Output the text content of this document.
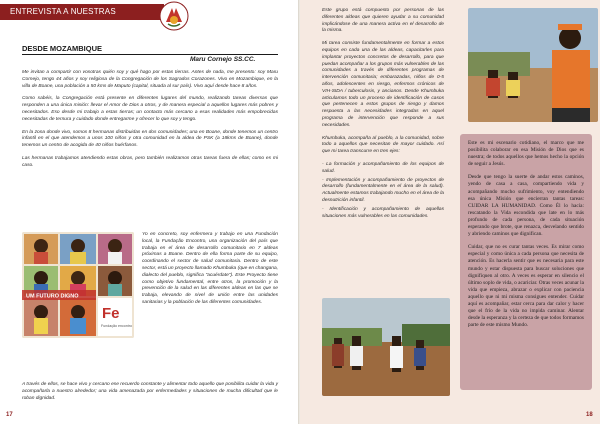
ENTREVISTA A NUESTRAS HERMANAS
DESDE MOZAMBIQUE
Maru Cornejo SS.CC.

Me invitan a compartir con vosotras quién soy y qué hago por estas tierras. Antes de nada, me presento: soy Maru Cornejo, tengo 44 años y soy religiosa de la Congregación de los Sagrados Corazones. Vivo en Mozambique, en la villa de Boane, una población a 50 kms de Maputo (capital, situada al sur país). Vivo aquí desde hace 8 años.

Como sabéis, la Congregación está presente en diferentes lugares del mundo, realizando tareas diversas que responden a una única misión: llevar el Amor de Dios a otros, y de manera especial a aquellos lugares más pobres y necesitados. Eso desde mi trabajo a estas tierras; un contacto más cercano a esas realidades más empobrecidas necesitadas de ternura y cuidado donde entregarme y ofrecer lo que soy y tengo.

En la zona donde vivo, somos 8 hermanas distribuidas en dos comunidades; una en Boane, donde tenemos un centro infantil en el que atendemos a unos 100 niños y otra comunidad en la aldea de PSK (a 18kms de Boane), donde tenemos un centro de acogida de 40 niños huérfanos.

Las hermanas trabajamos atendiendo estas obras, pero también realizamos otras tareas fuera de ellas; como es mi caso.

UM FUTURO DIGNO
Fe
Fundação encontro
Yo en concreto, soy enfermera y trabajo en una Fundación local, la Fundação Encontro, una organización del país que trabaja en el área de desarrollo comunitario en 7 aldeas próximas a Boane. Dentro de ella forma parte de su equipo, coordinando el sector de salud comunitaria. Dentro de este sector, está un proyecto llamado Khumbuka (que en changana, dialecto del pueblo, significa "acuérdate"). Este Proyecto tiene como objetivo fundamental, entre otros, la promoción y la prevención de la salud en las diferentes aldeas en las que se trabaja, elevando de nivel de unión entre las unidades sanitarias y la población de las diferentes comunidades.
A través de ellos, se hace vivo y cercano ese recuerdo constante y alimentar todo aquello que posibilita cuidar la vida y acompañarla a nuestro alrededor; una vida amenazada por enfermedades y situaciones de mucha dificultad que le roban dignidad.
17

Este grupo está compuesto por personas de las diferentes aldeas que quieren ayudar a su comunidad implicándose de una manera activa en el desarrollo de la misma.

Mi tarea consiste fundamentalmente en formar a estos equipos en cada una de las aldeas, capacitarles para implantar proyectos concretos de desarrollo, para que puedan acompañar a los grupos más vulnerables de las comunidades a través de diferentes programas de intervención comunitaria; embarazadas, niños de 0-5 años, adolescentes en riesgo, enfermos crónicos de VIH-SIDA / tuberculosis, y ancianos. Desde Khumbuka articulamos todo un proceso de identificación de casos que pertenecen a estos grupos de riesgo y damos respuesta a las necesidades integradas en aquel programa de intervención que responde a sus necesidades.

Khumbuka, acompaña al pueblo, a la comunidad, sobre todo a aquellos que necesitan de mayor cuidado. Así que mi tarea transcurre en tres ejes:

- La formación y acompañamiento de los equipos de salud.

- Implementación y acompañamiento de proyectos de desarrollo (fundamentalmente en el área de la salud). Actualmente estamos trabajando mucho en el área de la desnutrición infantil.

- Identificación y acompañamiento de aquellas situaciones más vulnerables en las comunidades.

Este es mi escenario cotidiano, el marco que me posibilita colaborar en esa Misión de Dios que es nuestra; de todos aquellos que hemos hecho la opción de seguir a Jesús.

Desde que tengo la suerte de andar estos caminos, yendo de casa a casa, compartiendo vida y acompañando mucho sufrimiento, voy entendiendo esa única Misión que encierran tantas tareas: CUIDAR LA HUMANIDAD. Como Él lo hacía: rescatando la Vida escondida que late en lo más profundo de cada persona, de cada situación esperando que brote, que renazca, desvelando sentido y abriendo caminos que dignifican.

Cuidar, que no es curar tantas veces. Es mirar como especial y como única a cada persona que necesita de atención. Es hacerla sentir que es necesaria para este mundo y estar dispuesta para buscar soluciones que dignifiquen al otro. A veces es esperar en silencio el último soplo de vida, o acariciar. Otras veces acunar la vida que empieza, abrazar o explicar con paciencia aquello que ni mi misma consigues entender. Cuidar aquí es acompañar, estar cerca para dar calor y hacer que el frío de la vida no impida caminar. Alentar desde la esperanza y la certeza de que todos formamos parte de este mismo Mundo.

18
